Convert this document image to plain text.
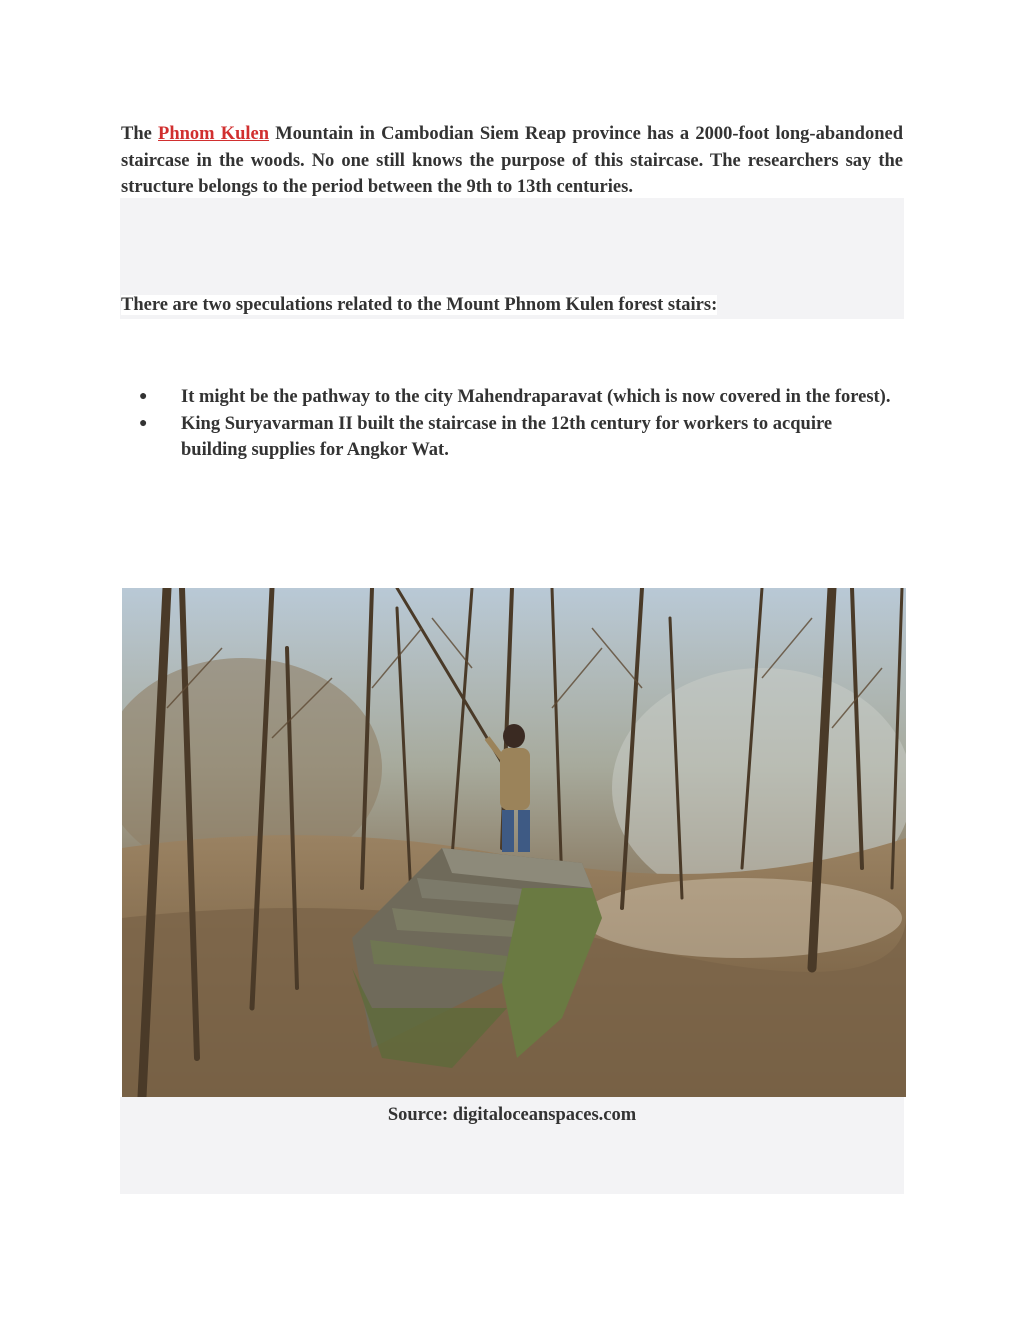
The Phnom Kulen Mountain in Cambodian Siem Reap province has a 2000-foot long-abandoned staircase in the woods. No one still knows the purpose of this staircase. The researchers say the structure belongs to the period between the 9th to 13th centuries.

There are two speculations related to the Mount Phnom Kulen forest stairs:

● It might be the pathway to the city Mahendraparavat (which is now covered in the forest).
● King Suryavarman II built the staircase in the 12th century for workers to acquire building supplies for Angkor Wat.

Source: digitaloceanspaces.com
